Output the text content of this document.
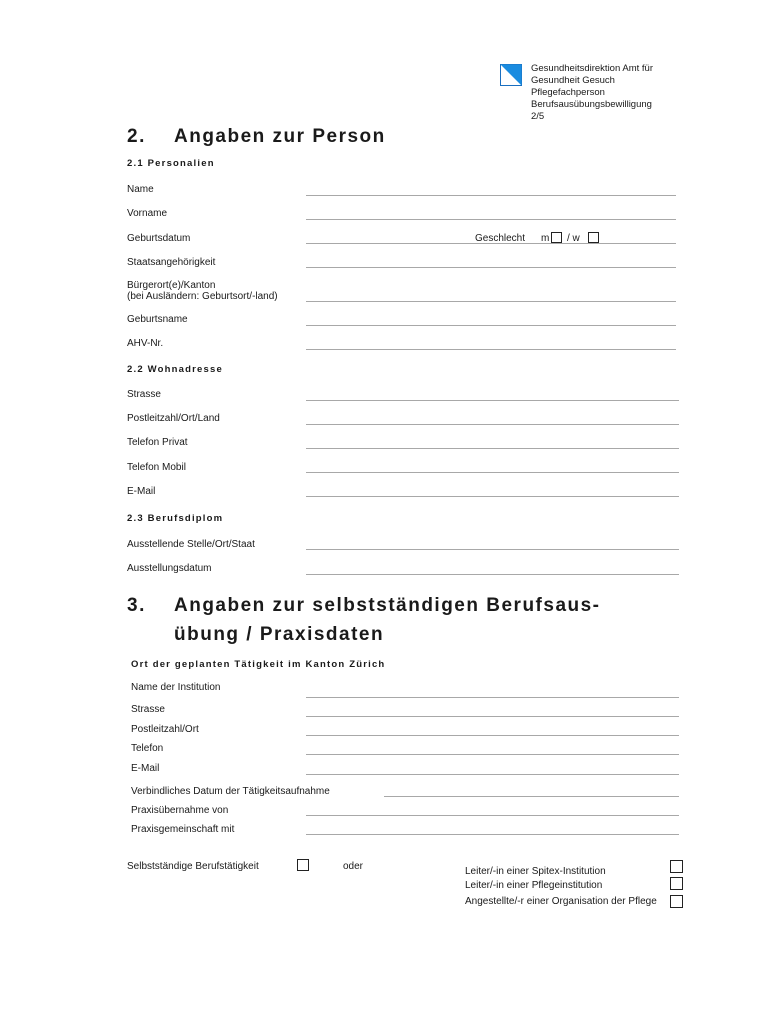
Gesundheitsdirektion Amt für
Gesundheit Gesuch
Pflegefachperson
Berufsausübungsbewilligung
2/5
2. Angaben zur Person
2.1 Personalien
Name
Vorname
Geburtsdatum	Geschlecht m / w
Staatsangehörigkeit
Bürgerort(e)/Kanton
(bei Ausländern: Geburtsort/-land)
Geburtsname
AHV-Nr.
2.2 Wohnadresse
Strasse
Postleitzahl/Ort/Land
Telefon Privat
Telefon Mobil
E-Mail
2.3 Berufsdiplom
Ausstellende Stelle/Ort/Staat
Ausstellungsdatum
3. Angaben zur selbstständigen Berufsaus-
übung / Praxisdaten
Ort der geplanten Tätigkeit im Kanton Zürich
Name der Institution
Strasse
Postleitzahl/Ort
Telefon
E-Mail
Verbindliches Datum der Tätigkeitsaufnahme
Praxisübernahme von
Praxisgemeinschaft mit
Selbstständige Berufstätigkeit	oder	Leiter/-in einer Spitex-Institution
Leiter/-in einer Pflegeinstitution
Angestellte/-r einer Organisation der Pflege
